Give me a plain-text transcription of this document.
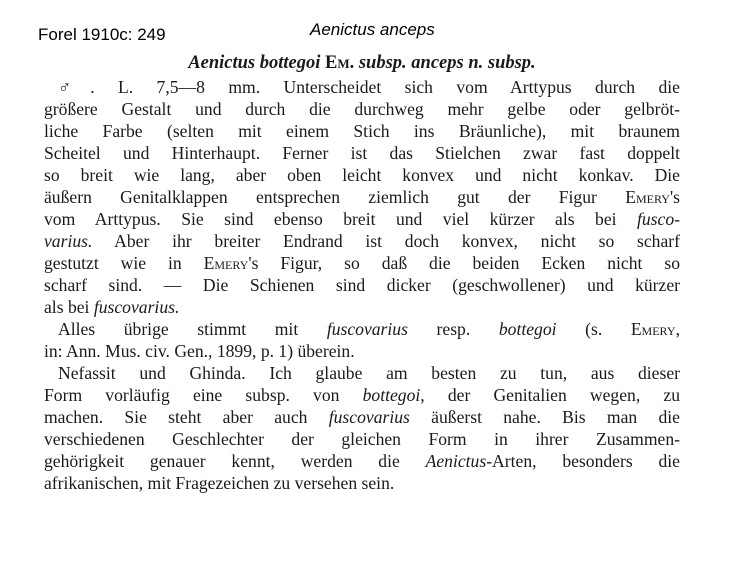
Forel 1910c: 249	Aenictus anceps
Aenictus bottegoi Em. subsp. anceps n. subsp.
♂. L. 7,5—8 mm. Unterscheidet sich vom Arttypus durch die
größere Gestalt und durch die durchweg mehr gelbe oder gelbröt-
liche Farbe (selten mit einem Stich ins Bräunliche), mit braunem
Scheitel und Hinterhaupt. Ferner ist das Stielchen zwar fast doppelt
so breit wie lang, aber oben leicht konvex und nicht konkav. Die
äußern Genitalklappen entsprechen ziemlich gut der Figur Emery's
vom Arttypus. Sie sind ebenso breit und viel kürzer als bei fusco-
varius. Aber ihr breiter Endrand ist doch konvex, nicht so scharf
gestutzt wie in Emery's Figur, so daß die beiden Ecken nicht so
scharf sind. — Die Schienen sind dicker (geschwollener) und kürzer
als bei fuscovarius.
Alles übrige stimmt mit fuscovarius resp. bottegoi (s. Emery,
in: Ann. Mus. civ. Gen., 1899, p. 1) überein.
Nefassit und Ghinda. Ich glaube am besten zu tun, aus dieser
Form vorläufig eine subsp. von bottegoi, der Genitalien wegen, zu
machen. Sie steht aber auch fuscovarius äußerst nahe. Bis man die
verschiedenen Geschlechter der gleichen Form in ihrer Zusammen-
gehörigkeit genauer kennt, werden die Aenictus-Arten, besonders die
afrikanischen, mit Fragezeichen zu versehen sein.
